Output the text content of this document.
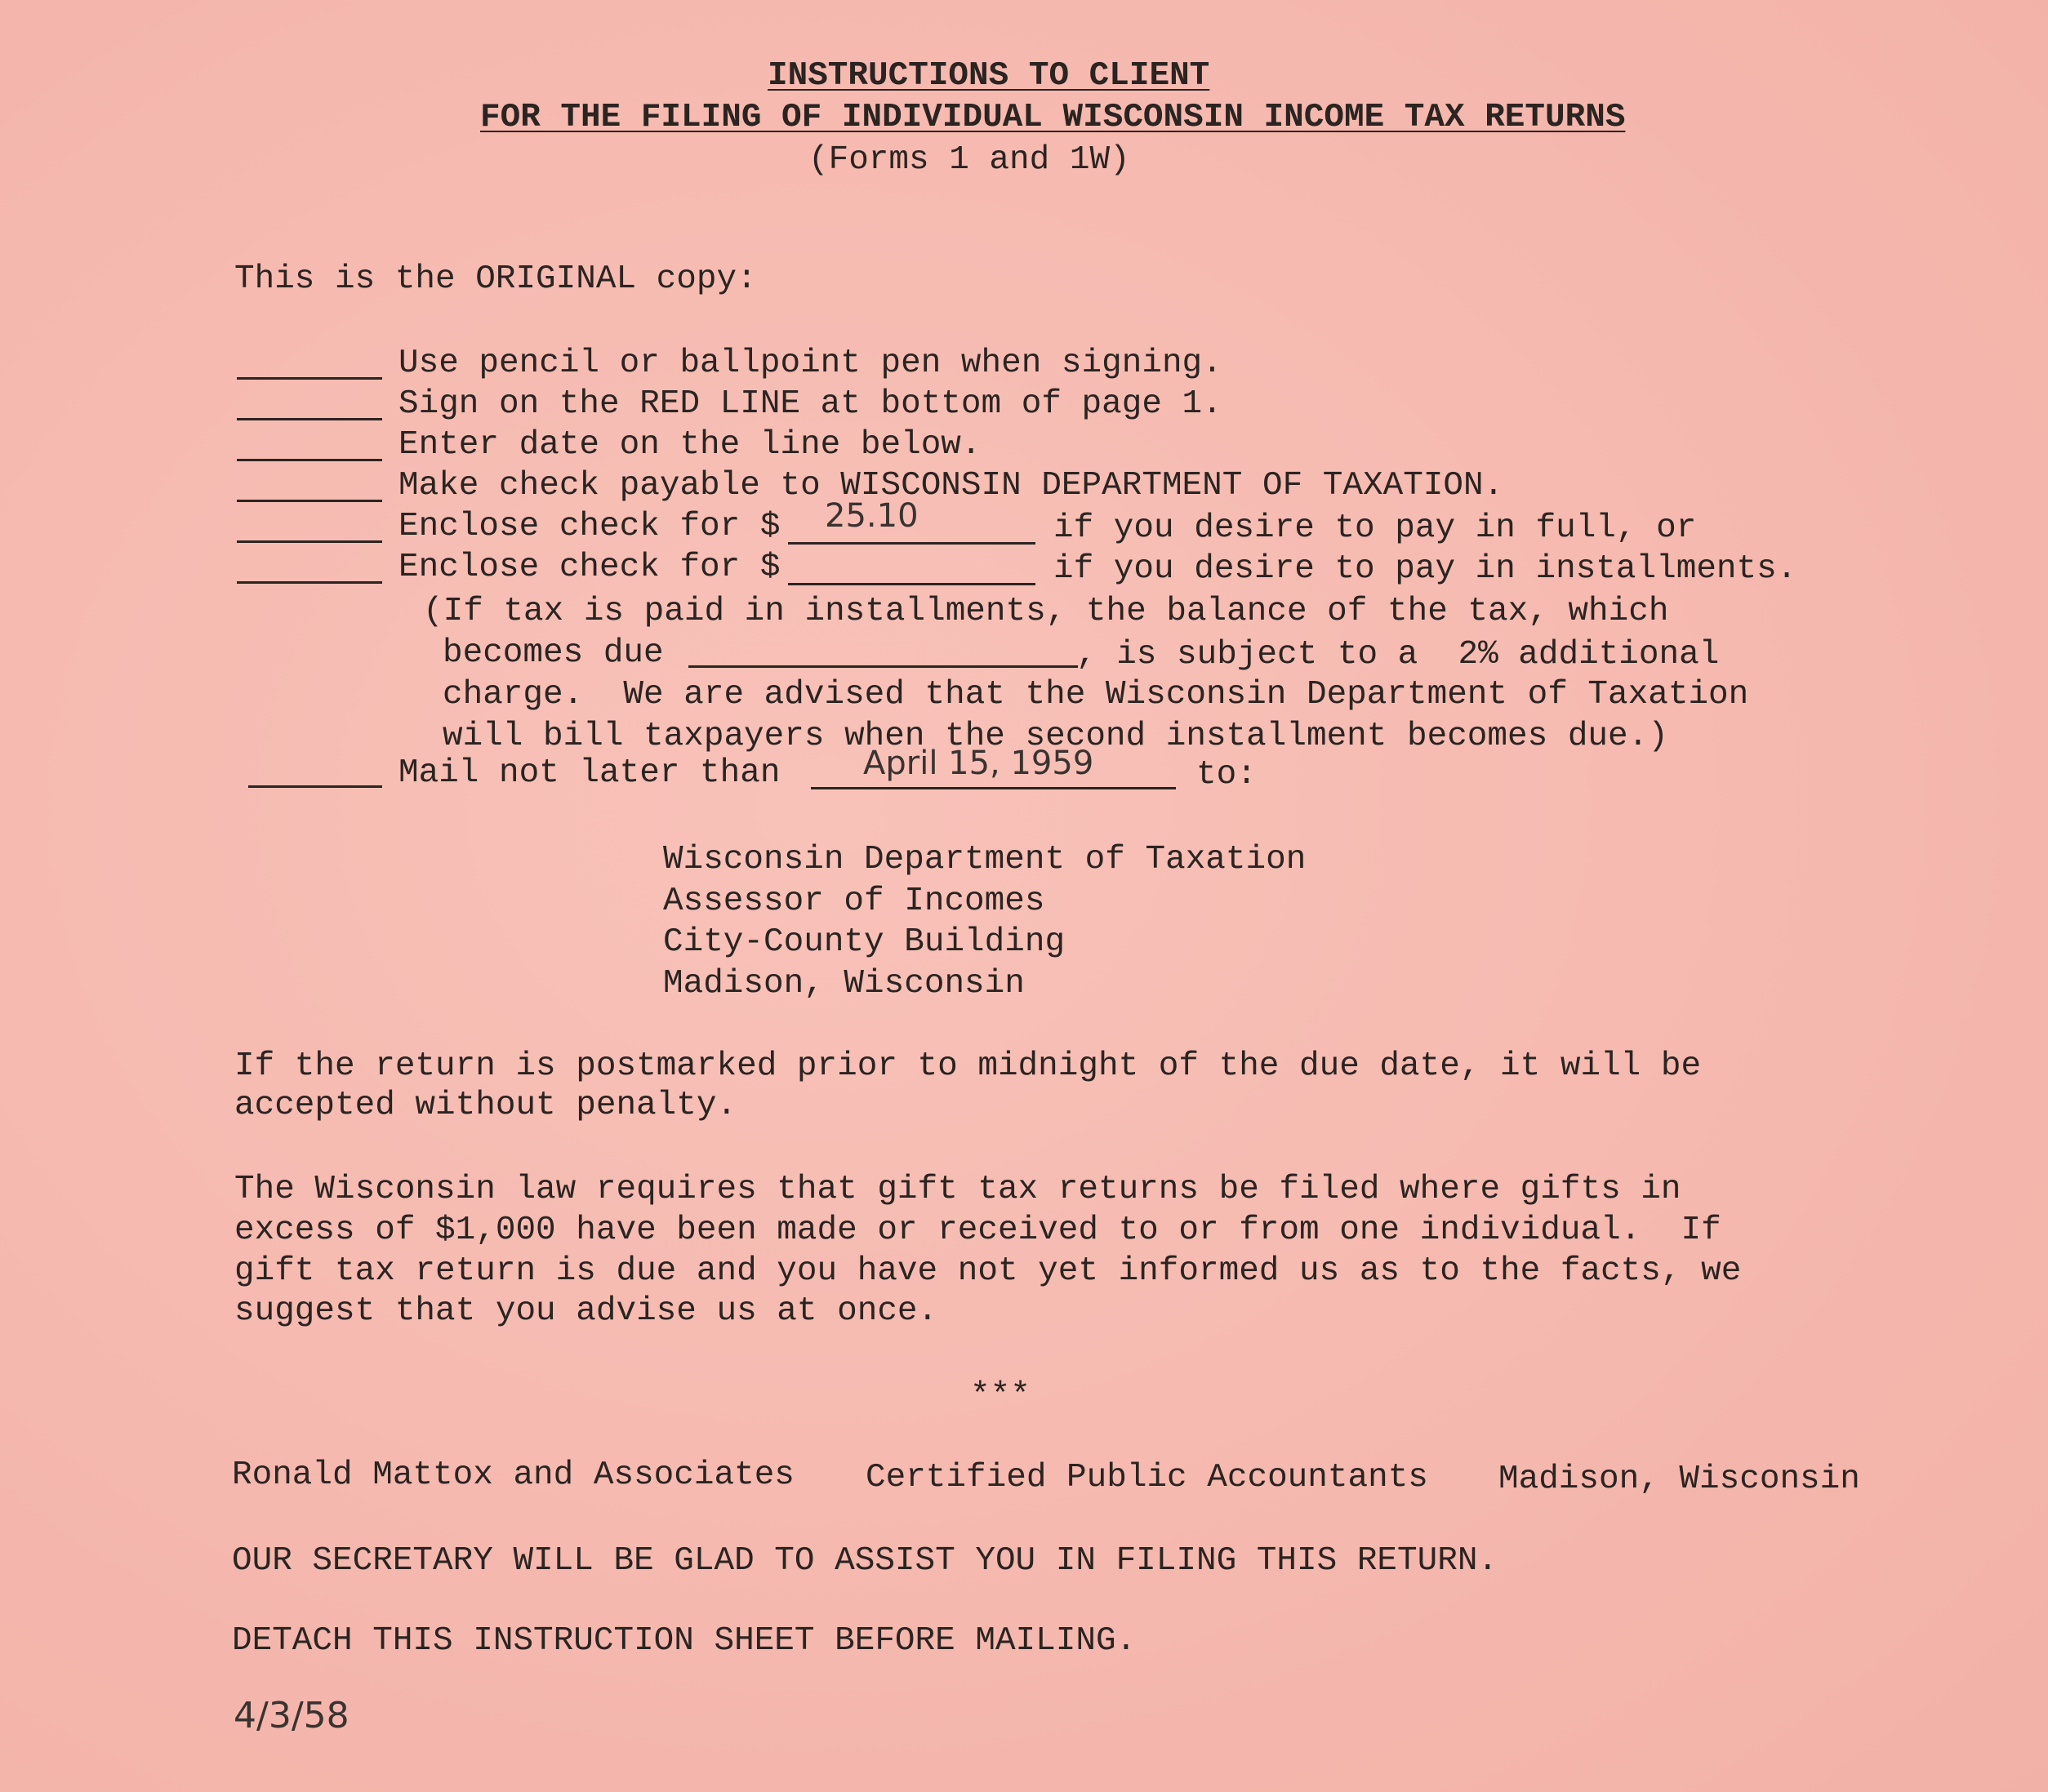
INSTRUCTIONS TO CLIENT
FOR THE FILING OF INDIVIDUAL WISCONSIN INCOME TAX RETURNS
(Forms 1 and 1W)
This is the ORIGINAL copy:
Use pencil or ballpoint pen when signing.
Sign on the RED LINE at bottom of page 1.
Enter date on the line below.
Make check payable to WISCONSIN DEPARTMENT OF TAXATION.
Enclose check for $ 25.10	if you desire to pay in full, or
Enclose check for $	if you desire to pay in installments.
(If tax is paid in installments, the balance of the tax, which
becomes due	, is subject to a  2% additional
charge.  We are advised that the Wisconsin Department of Taxation
will bill taxpayers when the second installment becomes due.)
Mail not later than	April 15, 1959	to:
Wisconsin Department of Taxation
Assessor of Incomes
City-County Building
Madison, Wisconsin
If the return is postmarked prior to midnight of the due date, it will be
accepted without penalty.
The Wisconsin law requires that gift tax returns be filed where gifts in
excess of $1,000 have been made or received to or from one individual.  If
gift tax return is due and you have not yet informed us as to the facts, we
suggest that you advise us at once.
***
Ronald Mattox and Associates Certified Public Accountants Madison, Wisconsin
OUR SECRETARY WILL BE GLAD TO ASSIST YOU IN FILING THIS RETURN.
DETACH THIS INSTRUCTION SHEET BEFORE MAILING.
4/3/58
